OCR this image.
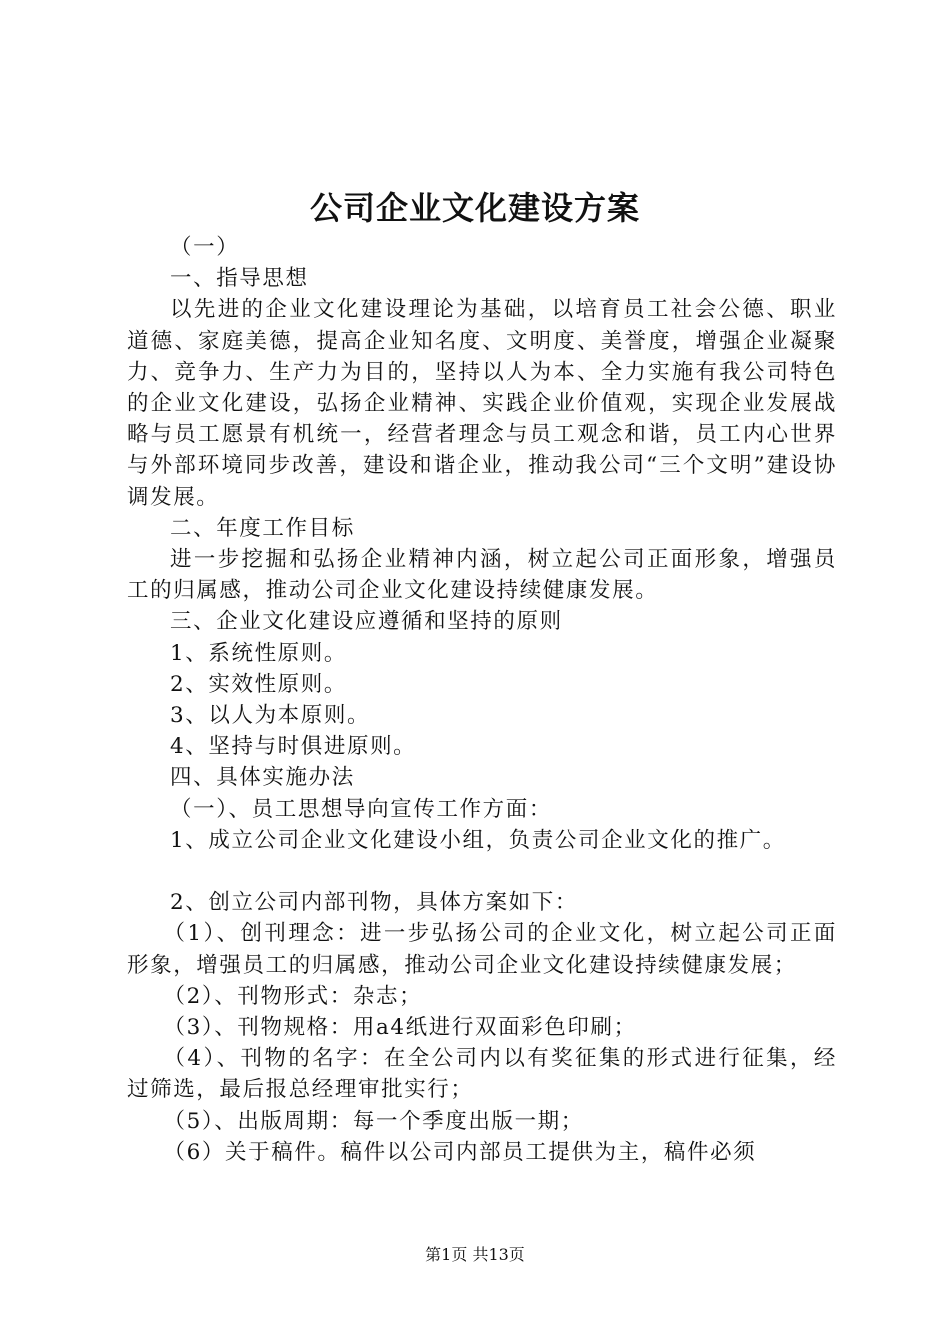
公司企业文化建设方案

（一）

一、指导思想

以先进的企业文化建设理论为基础，以培育员工社会公德、职业道德、家庭美德，提高企业知名度、文明度、美誉度，增强企业凝聚力、竞争力、生产力为目的，坚持以人为本、全力实施有我公司特色的企业文化建设，弘扬企业精神、实践企业价值观，实现企业发展战略与员工愿景有机统一，经营者理念与员工观念和谐，员工内心世界与外部环境同步改善，建设和谐企业，推动我公司“三个文明”建设协调发展。

二、年度工作目标

进一步挖掘和弘扬企业精神内涵，树立起公司正面形象，增强员工的归属感，推动公司企业文化建设持续健康发展。

三、企业文化建设应遵循和坚持的原则

1、系统性原则。

2、实效性原则。

3、以人为本原则。

4、坚持与时俱进原则。

四、具体实施办法

（一）、员工思想导向宣传工作方面：

1、成立公司企业文化建设小组，负责公司企业文化的推广。

2、创立公司内部刊物，具体方案如下：

（1）、创刊理念：进一步弘扬公司的企业文化，树立起公司正面形象，增强员工的归属感，推动公司企业文化建设持续健康发展；

（2）、刊物形式：杂志；

（3）、刊物规格：用a4纸进行双面彩色印刷；

（4）、刊物的名字：在全公司内以有奖征集的形式进行征集，经过筛选，最后报总经理审批实行；

（5）、出版周期：每一个季度出版一期；

（6）关于稿件。稿件以公司内部员工提供为主，稿件必须

第1页 共13页
